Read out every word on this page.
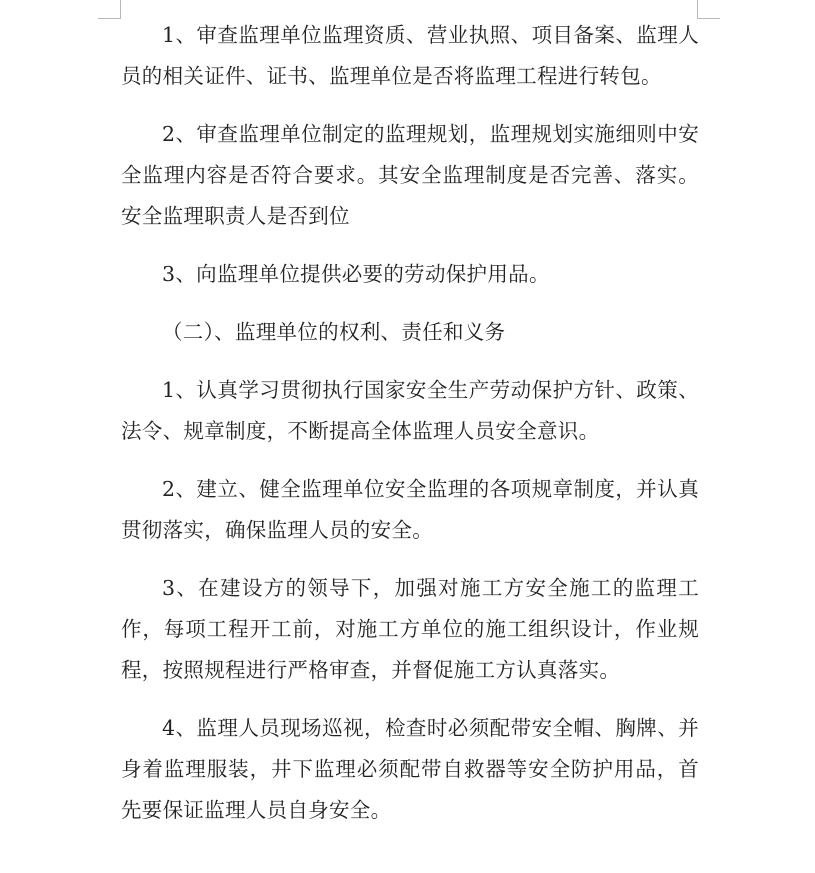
1、审查监理单位监理资质、营业执照、项目备案、监理人员的相关证件、证书、监理单位是否将监理工程进行转包。

2、审查监理单位制定的监理规划，监理规划实施细则中安全监理内容是否符合要求。其安全监理制度是否完善、落实。安全监理职责人是否到位

3、向监理单位提供必要的劳动保护用品。

（二）、监理单位的权利、责任和义务

1、认真学习贯彻执行国家安全生产劳动保护方针、政策、法令、规章制度，不断提高全体监理人员安全意识。

2、建立、健全监理单位安全监理的各项规章制度，并认真贯彻落实，确保监理人员的安全。

3、在建设方的领导下，加强对施工方安全施工的监理工作，每项工程开工前，对施工方单位的施工组织设计，作业规程，按照规程进行严格审查，并督促施工方认真落实。

4、监理人员现场巡视，检查时必须配带安全帽、胸牌、并身着监理服装，井下监理必须配带自救器等安全防护用品，首先要保证监理人员自身安全。
